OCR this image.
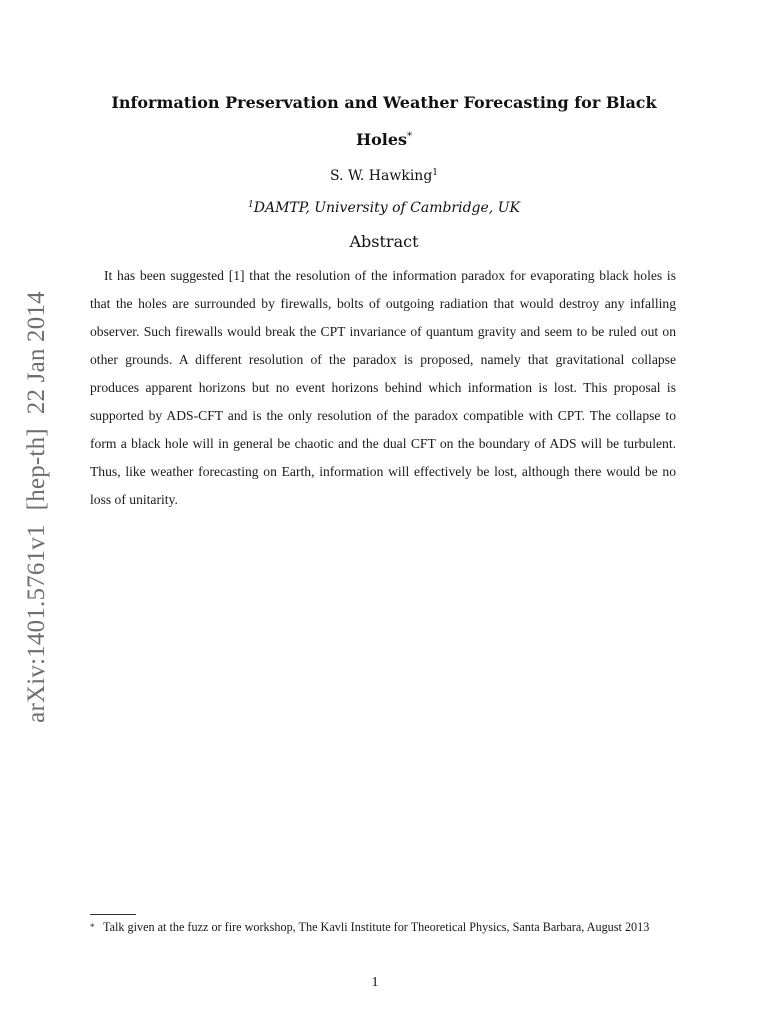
arXiv:1401.5761v1[hep-th]22 Jan 2014
Information Preservation and Weather Forecasting for Black Holes*
S. W. Hawking$^1$
$^1$DAMTP, University of Cambridge, UK
Abstract

It has been suggested [1] that the resolution of the information paradox for evaporating black holes is that the holes are surrounded by firewalls, bolts of outgoing radiation that would destroy any infalling observer. Such firewalls would break the CPT invariance of quantum gravity and seem to be ruled out on other grounds. A different resolution of the paradox is proposed, namely that gravitational collapse produces apparent horizons but no event horizons behind which information is lost. This proposal is supported by ADS-CFT and is the only resolution of the paradox compatible with CPT. The collapse to form a black hole will in general be chaotic and the dual CFT on the boundary of ADS will be turbulent. Thus, like weather forecasting on Earth, information will effectively be lost, although there would be no loss of unitarity.

* Talk given at the fuzz or fire workshop, The Kavli Institute for Theoretical Physics, Santa Barbara, August 2013
1
